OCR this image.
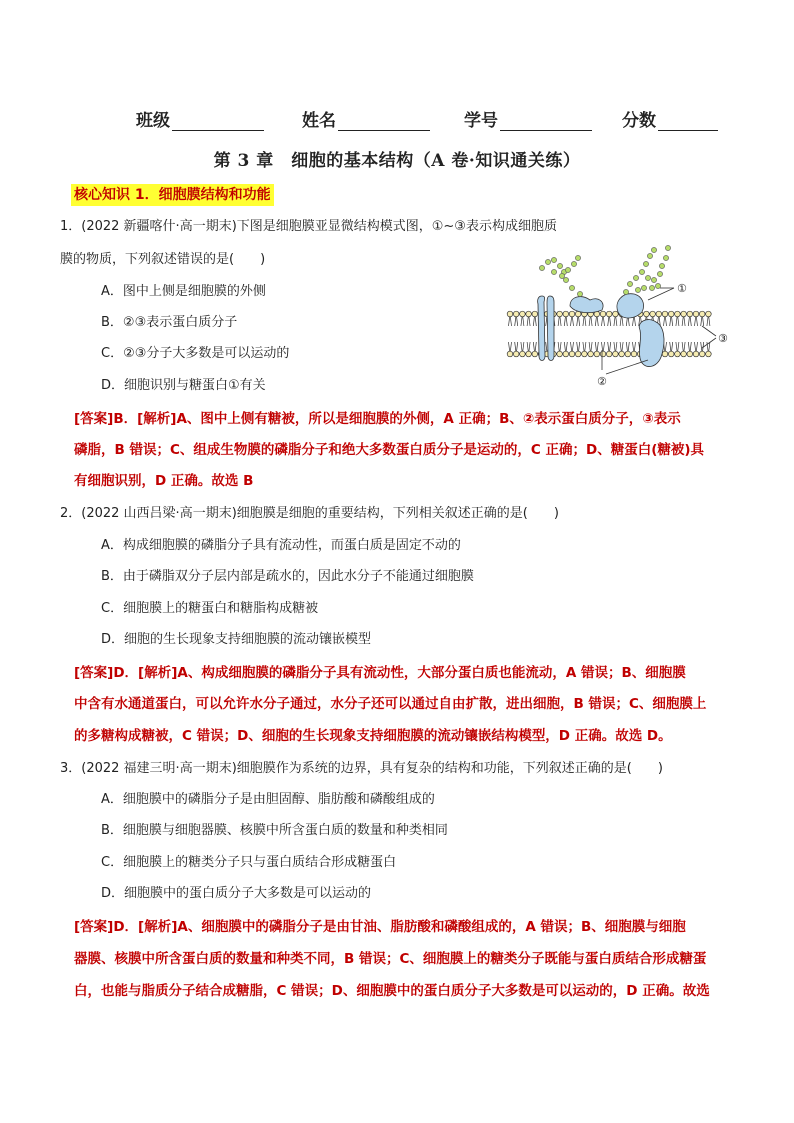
班级	姓名	学号	分数
第 3 章　细胞的基本结构（A 卷·知识通关练）
核心知识 1．细胞膜结构和功能
1．(2022 新疆喀什·高一期末)下图是细胞膜亚显微结构模式图，①~③表示构成细胞质
膜的物质，下列叙述错误的是(　　)
A．图中上侧是细胞膜的外侧
B．②③表示蛋白质分子
C．②③分子大多数是可以运动的
D．细胞识别与糖蛋白①有关
[答案]B．[解析]A、图中上侧有糖被，所以是细胞膜的外侧，A 正确；B、②表示蛋白质分子，③表示
磷脂，B 错误；C、组成生物膜的磷脂分子和绝大多数蛋白质分子是运动的，C 正确；D、糖蛋白(糖被)具
有细胞识别，D 正确。故选 B
①
②
③
2．(2022 山西吕梁·高一期末)细胞膜是细胞的重要结构，下列相关叙述正确的是(　　)
A．构成细胞膜的磷脂分子具有流动性，而蛋白质是固定不动的
B．由于磷脂双分子层内部是疏水的，因此水分子不能通过细胞膜
C．细胞膜上的糖蛋白和糖脂构成糖被
D．细胞的生长现象支持细胞膜的流动镶嵌模型
[答案]D．[解析]A、构成细胞膜的磷脂分子具有流动性，大部分蛋白质也能流动，A 错误；B、细胞膜
中含有水通道蛋白，可以允许水分子通过，水分子还可以通过自由扩散，进出细胞，B 错误；C、细胞膜上
的多糖构成糖被，C 错误；D、细胞的生长现象支持细胞膜的流动镶嵌结构模型，D 正确。故选 D。
3．(2022 福建三明·高一期末)细胞膜作为系统的边界，具有复杂的结构和功能，下列叙述正确的是(　　)
A．细胞膜中的磷脂分子是由胆固醇、脂肪酸和磷酸组成的
B．细胞膜与细胞器膜、核膜中所含蛋白质的数量和种类相同
C．细胞膜上的糖类分子只与蛋白质结合形成糖蛋白
D．细胞膜中的蛋白质分子大多数是可以运动的
[答案]D．[解析]A、细胞膜中的磷脂分子是由甘油、脂肪酸和磷酸组成的，A 错误；B、细胞膜与细胞
器膜、核膜中所含蛋白质的数量和种类不同，B 错误；C、细胞膜上的糖类分子既能与蛋白质结合形成糖蛋
白，也能与脂质分子结合成糖脂，C 错误；D、细胞膜中的蛋白质分子大多数是可以运动的，D 正确。故选
